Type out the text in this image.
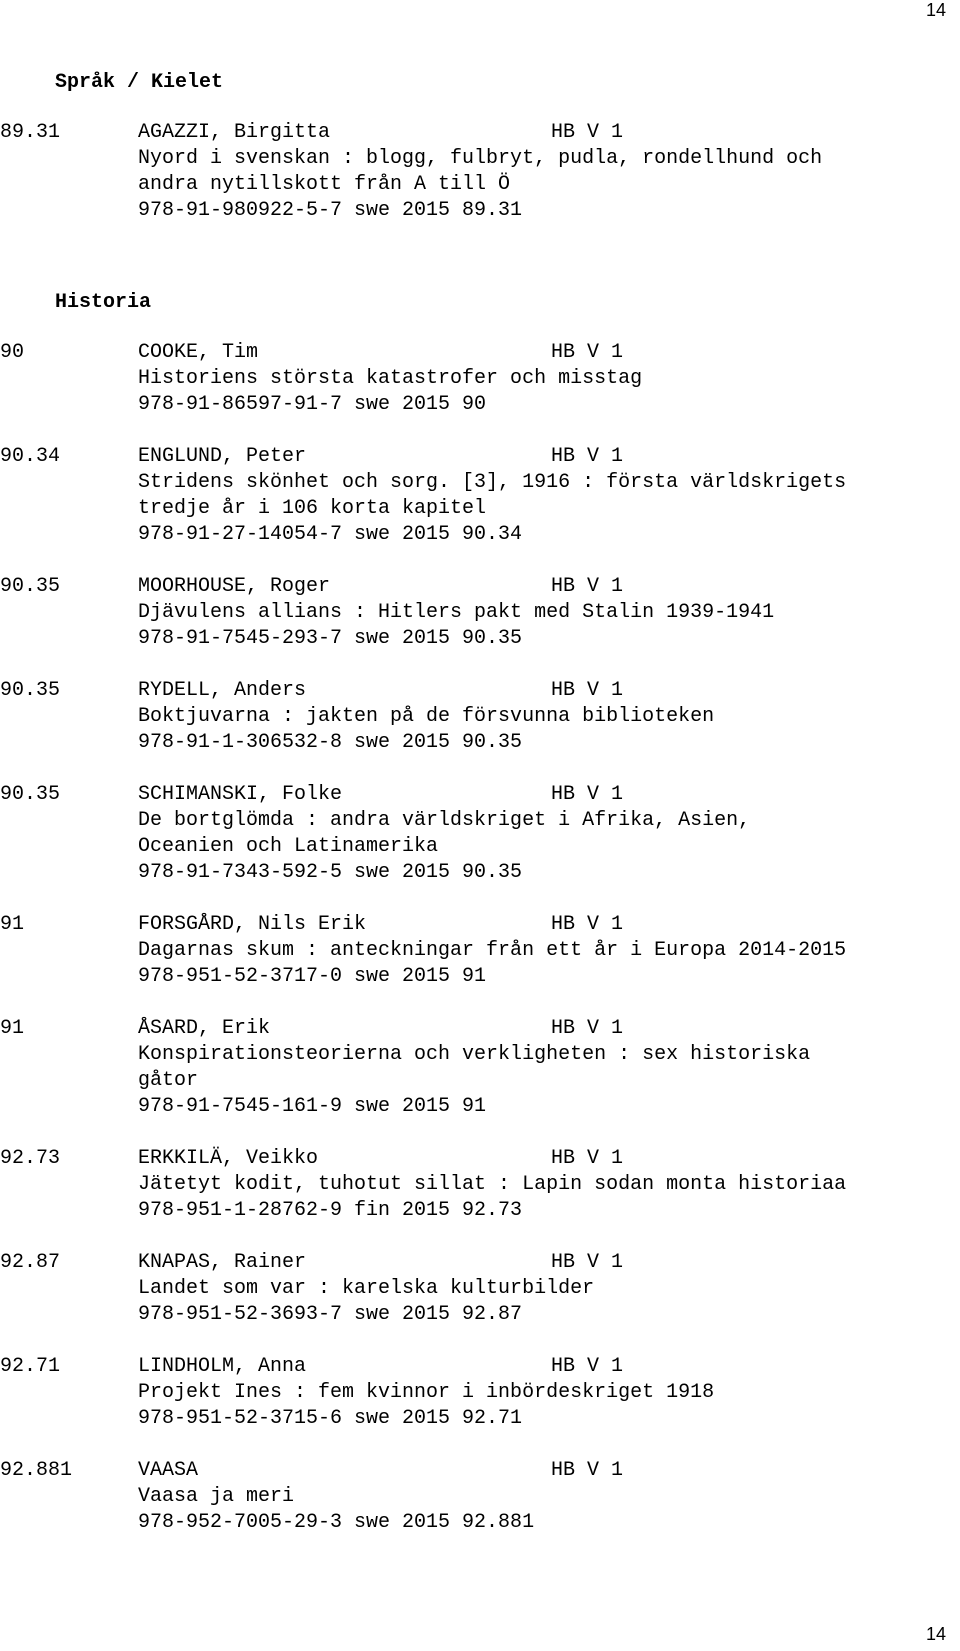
14
Språk / Kielet
89.31	AGAZZI, Birgitta	HB V 1
Nyord i svenskan : blogg, fulbryt, pudla, rondellhund och
andra nytillskott från A till Ö
978-91-980922-5-7 swe 2015 89.31
Historia
90	COOKE, Tim	HB V 1
Historiens största katastrofer och misstag
978-91-86597-91-7 swe 2015 90
90.34	ENGLUND, Peter	HB V 1
Stridens skönhet och sorg. [3], 1916 : första världskrigets
tredje år i 106 korta kapitel
978-91-27-14054-7 swe 2015 90.34
90.35	MOORHOUSE, Roger	HB V 1
Djävulens allians : Hitlers pakt med Stalin 1939-1941
978-91-7545-293-7 swe 2015 90.35
90.35	RYDELL, Anders	HB V 1
Boktjuvarna : jakten på de försvunna biblioteken
978-91-1-306532-8 swe 2015 90.35
90.35	SCHIMANSKI, Folke	HB V 1
De bortglömda : andra världskriget i Afrika, Asien,
Oceanien och Latinamerika
978-91-7343-592-5 swe 2015 90.35
91	FORSGÅRD, Nils Erik	HB V 1
Dagarnas skum : anteckningar från ett år i Europa 2014-2015
978-951-52-3717-0 swe 2015 91
91	ÅSARD, Erik	HB V 1
Konspirationsteorierna och verkligheten : sex historiska
gåtor
978-91-7545-161-9 swe 2015 91
92.73	ERKKILÄ, Veikko	HB V 1
Jätetyt kodit, tuhotut sillat : Lapin sodan monta historiaa
978-951-1-28762-9 fin 2015 92.73
92.87	KNAPAS, Rainer	HB V 1
Landet som var : karelska kulturbilder
978-951-52-3693-7 swe 2015 92.87
92.71	LINDHOLM, Anna	HB V 1
Projekt Ines : fem kvinnor i inbördeskriget 1918
978-951-52-3715-6 swe 2015 92.71
92.881	VAASA	HB V 1
Vaasa ja meri
978-952-7005-29-3 swe 2015 92.881
14
